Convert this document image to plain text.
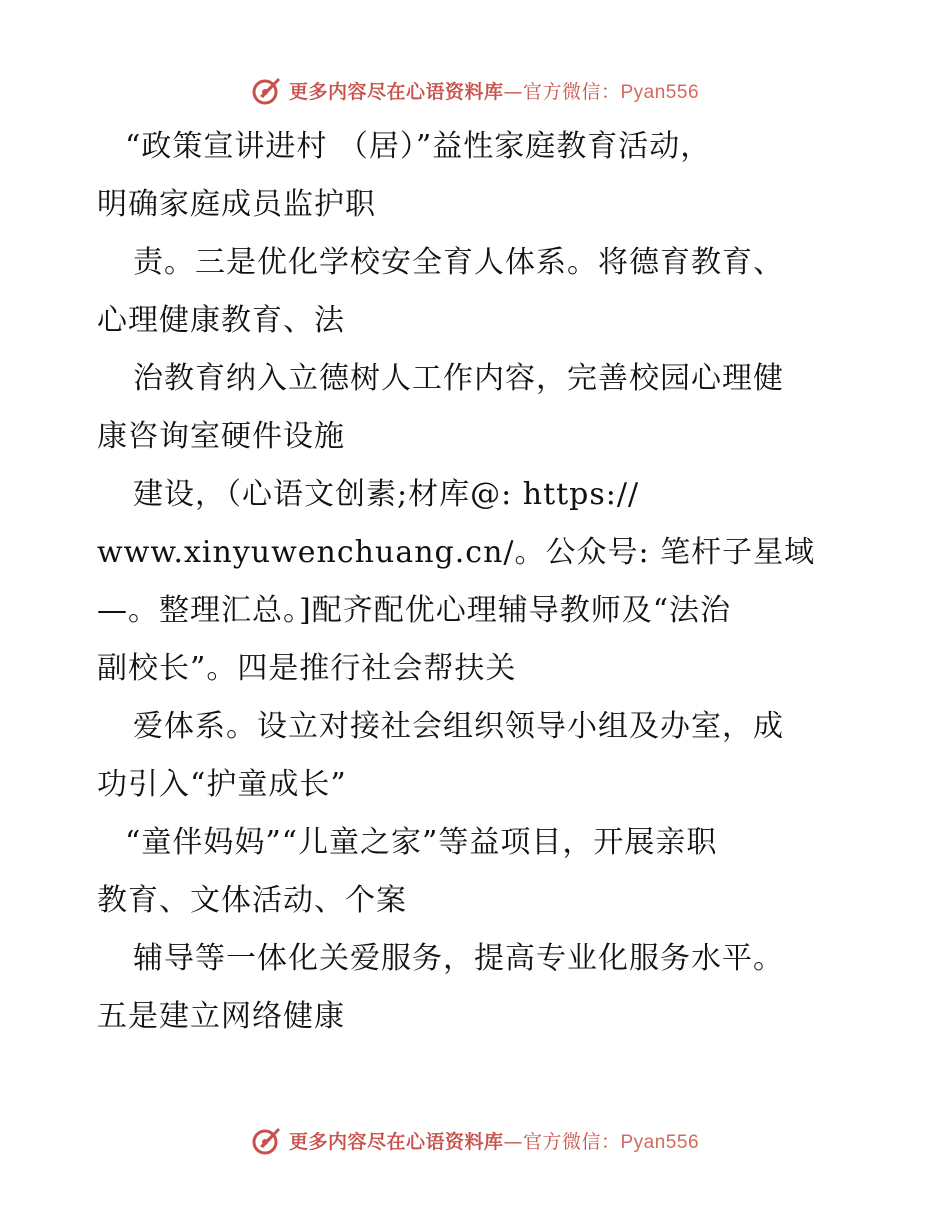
更多内容尽在心语资料库—官方微信：Pyan556
“政策宣讲进村 （居）”益性家庭教育活动，
明确家庭成员监护职
责。三是优化学校安全育人体系。将德育教育、
心理健康教育、法
治教育纳入立德树人工作内容，完善校园心理健
康咨询室硬件设施
建设，（心语文创素;材库@: https://
www.xinyuwenchuang.cn/。公众号: 笔杆子星域
—。整理汇总。]配齐配优心理辅导教师及“法治
副校长”。四是推行社会帮扶关
爱体系。设立对接社会组织领导小组及办室，成
功引入“护童成长”
“童伴妈妈”“儿童之家”等益项目，开展亲职
教育、文体活动、个案
辅导等一体化关爱服务，提高专业化服务水平。
五是建立网络健康
更多内容尽在心语资料库—官方微信：Pyan556
